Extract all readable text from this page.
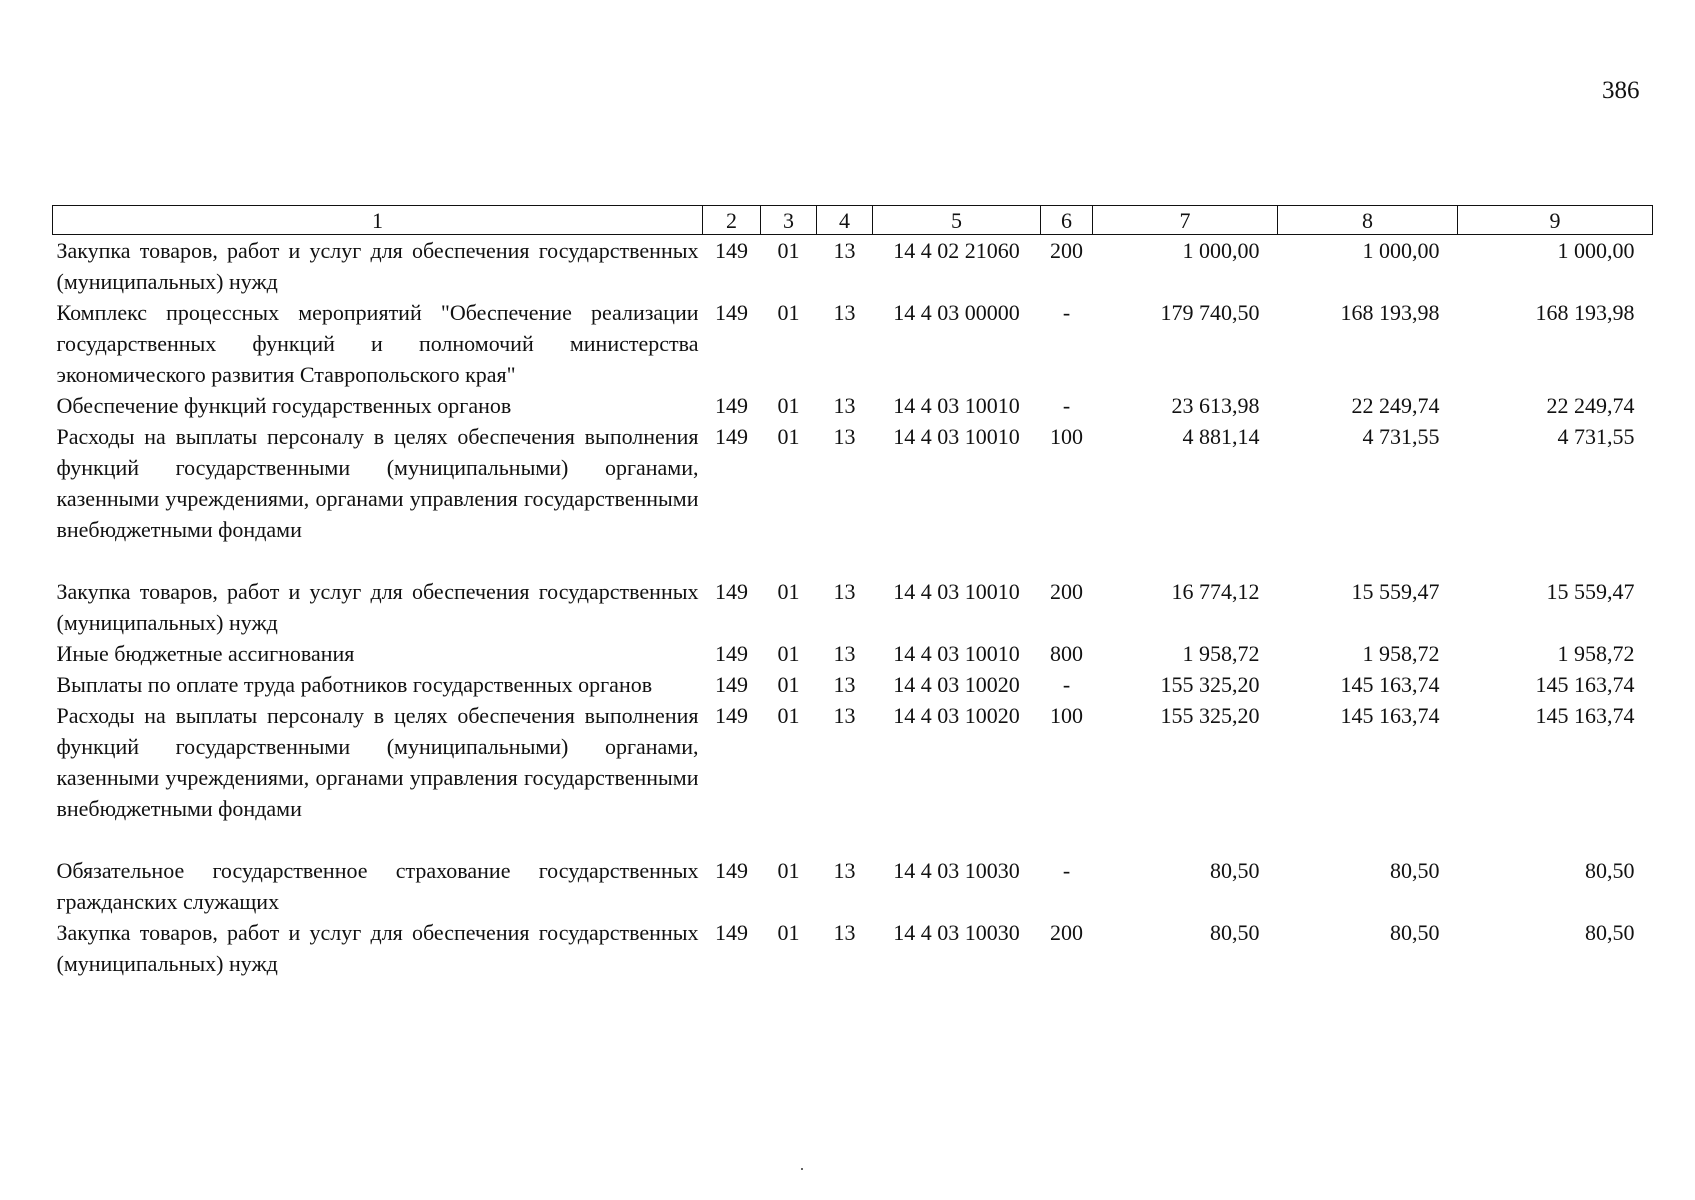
386
1	2	3	4	5	6	7	8	9
Закупка товаров, работ и услуг для обеспечения государственных (муниципальных) нужд	149	01	13	14 4 02 21060	200	1 000,00	1 000,00	1 000,00
Комплекс процессных мероприятий "Обеспечение реализации государственных функций и полномочий министерства экономического развития Ставропольского края"	149	01	13	14 4 03 00000	-	179 740,50	168 193,98	168 193,98
Обеспечение функций государственных органов	149	01	13	14 4 03 10010	-	23 613,98	22 249,74	22 249,74
Расходы на выплаты персоналу в целях обеспечения выполнения функций государственными (муниципальными) органами, казенными учреждениями, органами управления государственными внебюджетными фондами	149	01	13	14 4 03 10010	100	4 881,14	4 731,55	4 731,55
Закупка товаров, работ и услуг для обеспечения государственных (муниципальных) нужд	149	01	13	14 4 03 10010	200	16 774,12	15 559,47	15 559,47
Иные бюджетные ассигнования	149	01	13	14 4 03 10010	800	1 958,72	1 958,72	1 958,72
Выплаты по оплате труда работников государственных органов	149	01	13	14 4 03 10020	-	155 325,20	145 163,74	145 163,74
Расходы на выплаты персоналу в целях обеспечения выполнения функций государственными (муниципальными) органами, казенными учреждениями, органами управления государственными внебюджетными фондами	149	01	13	14 4 03 10020	100	155 325,20	145 163,74	145 163,74
Обязательное государственное страхование государственных гражданских служащих	149	01	13	14 4 03 10030	-	80,50	80,50	80,50
Закупка товаров, работ и услуг для обеспечения государственных (муниципальных) нужд	149	01	13	14 4 03 10030	200	80,50	80,50	80,50
